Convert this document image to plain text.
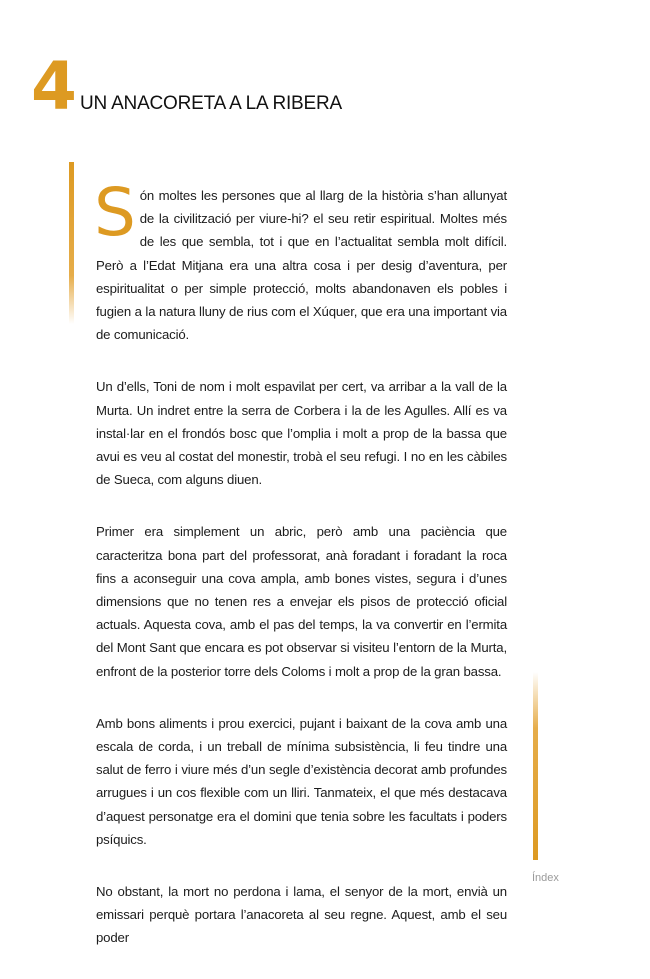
4 UN ANACORETA A LA RIBERA

Són moltes les persones que al llarg de la història s’han allunyat de la civilització per viure-hi? el seu retir espiritual. Moltes més de les que sembla, tot i que en l’actualitat sembla molt difícil. Però a l’Edat Mitjana era una altra cosa i per desig d’aventura, per espiritualitat o per simple protecció, molts abandonaven els pobles i fugien a la natura lluny de rius com el Xúquer, que era una important via de comunicació.

Un d’ells, Toni de nom i molt espavilat per cert, va arribar a la vall de la Murta. Un indret entre la serra de Corbera i la de les Agulles. Allí es va instal·lar en el frondós bosc que l’omplia i molt a prop de la bassa que avui es veu al costat del monestir, trobà el seu refugi. I no en les càbiles de Sueca, com alguns diuen.

Primer era simplement un abric, però amb una paciència que caracteritza bona part del professorat, anà foradant i foradant la roca fins a aconseguir una cova ampla, amb bones vistes, segura i d’unes dimensions que no tenen res a envejar els pisos de protecció oficial actuals. Aquesta cova, amb el pas del temps, la va convertir en l’ermita del Mont Sant que encara es pot observar si visiteu l’entorn de la Murta, enfront de la posterior torre dels Coloms i molt a prop de la gran bassa.

Amb bons aliments i prou exercici, pujant i baixant de la cova amb una escala de corda, i un treball de mínima subsistència, li feu tindre una salut de ferro i viure més d’un segle d’existència decorat amb profundes arrugues i un cos flexible com un lliri. Tanmateix, el que més destacava d’aquest personatge era el domini que tenia sobre les facultats i poders psíquics.

No obstant, la mort no perdona i lama, el senyor de la mort, envià un emissari perquè portara l’anacoreta al seu regne. Aquest, amb el seu poder

Índex
